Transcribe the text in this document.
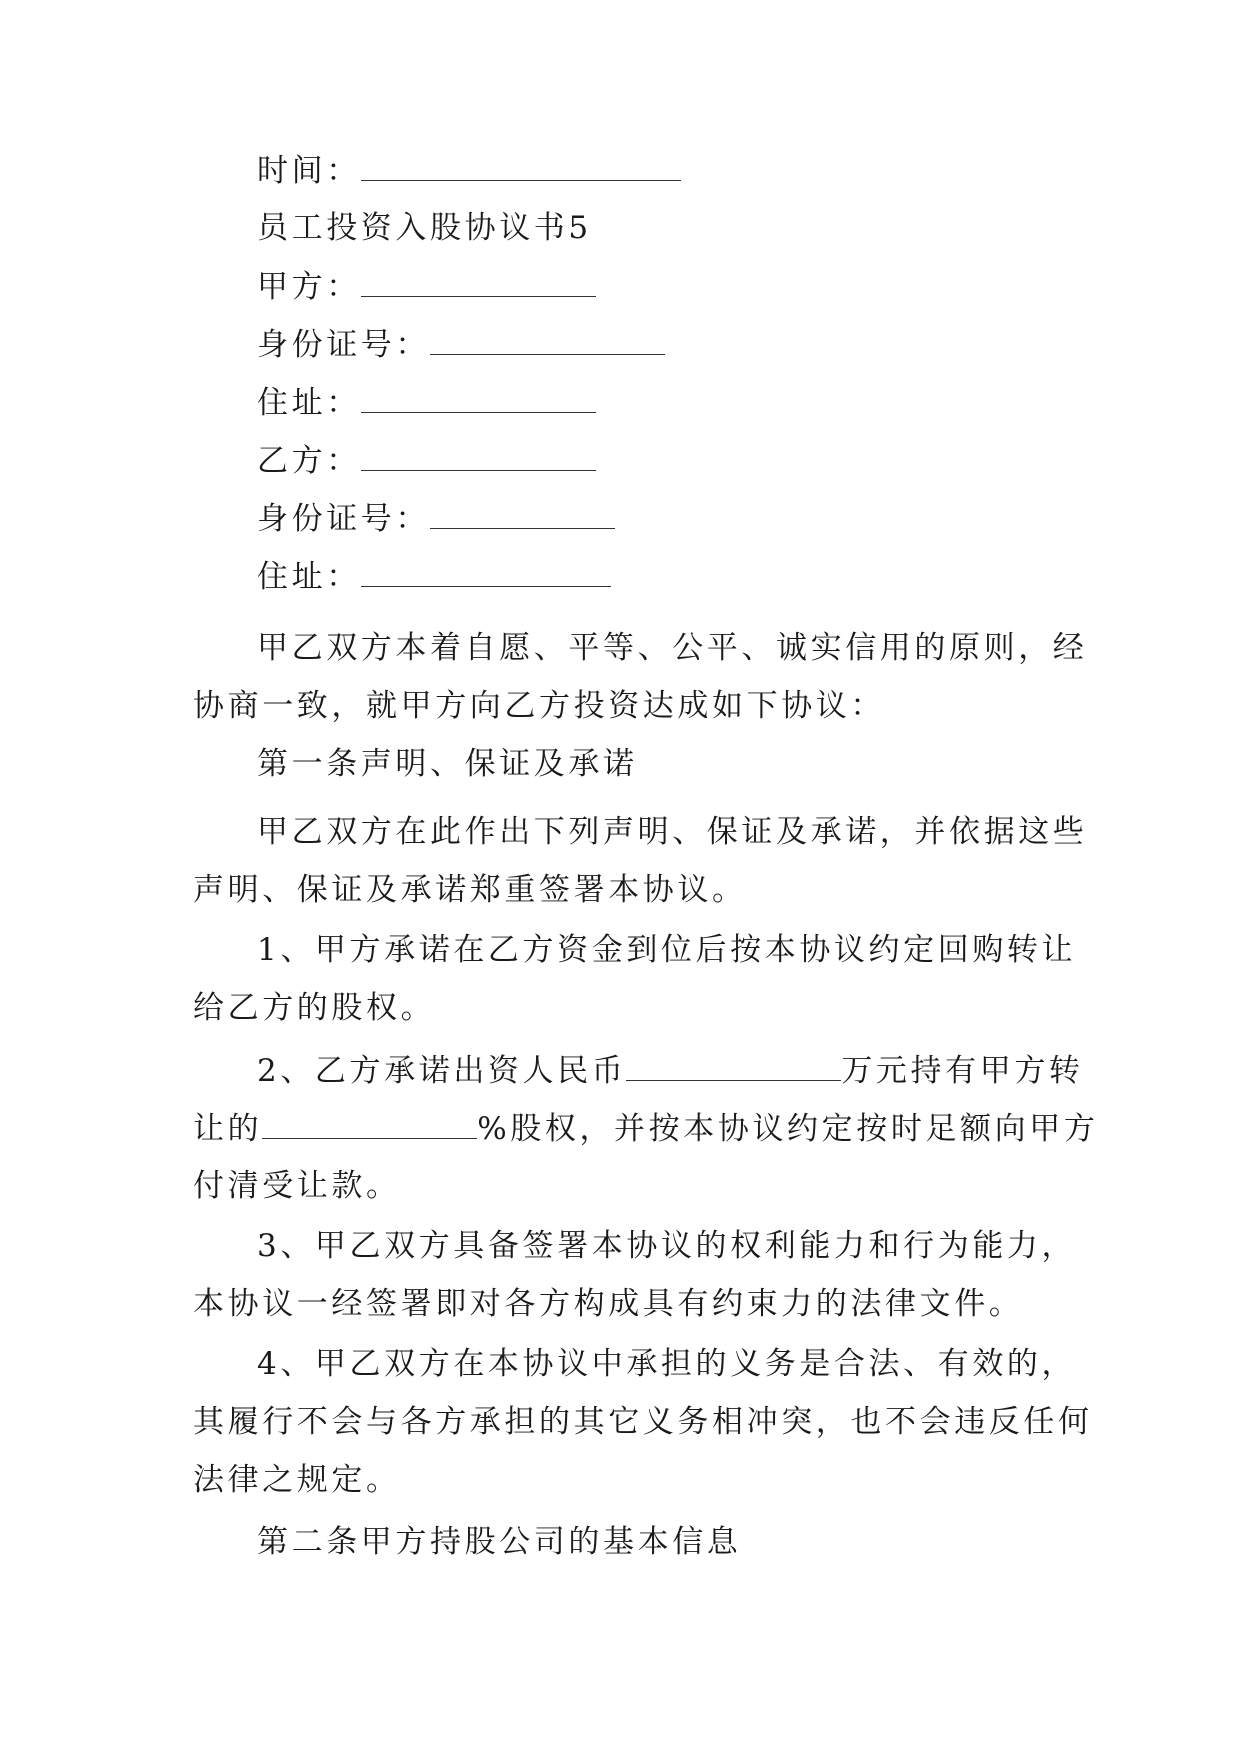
时间：
员工投资入股协议书5
甲方：
身份证号：
住址：
乙方：
身份证号：
住址：
甲乙双方本着自愿、平等、公平、诚实信用的原则，经
协商一致，就甲方向乙方投资达成如下协议：
第一条声明、保证及承诺
甲乙双方在此作出下列声明、保证及承诺，并依据这些
声明、保证及承诺郑重签署本协议。
1、甲方承诺在乙方资金到位后按本协议约定回购转让
给乙方的股权。
2、乙方承诺出资人民币	万元持有甲方转
让的	%股权，并按本协议约定按时足额向甲方
付清受让款。
3、甲乙双方具备签署本协议的权利能力和行为能力，
本协议一经签署即对各方构成具有约束力的法律文件。
4、甲乙双方在本协议中承担的义务是合法、有效的，
其履行不会与各方承担的其它义务相冲突，也不会违反任何
法律之规定。
第二条甲方持股公司的基本信息
